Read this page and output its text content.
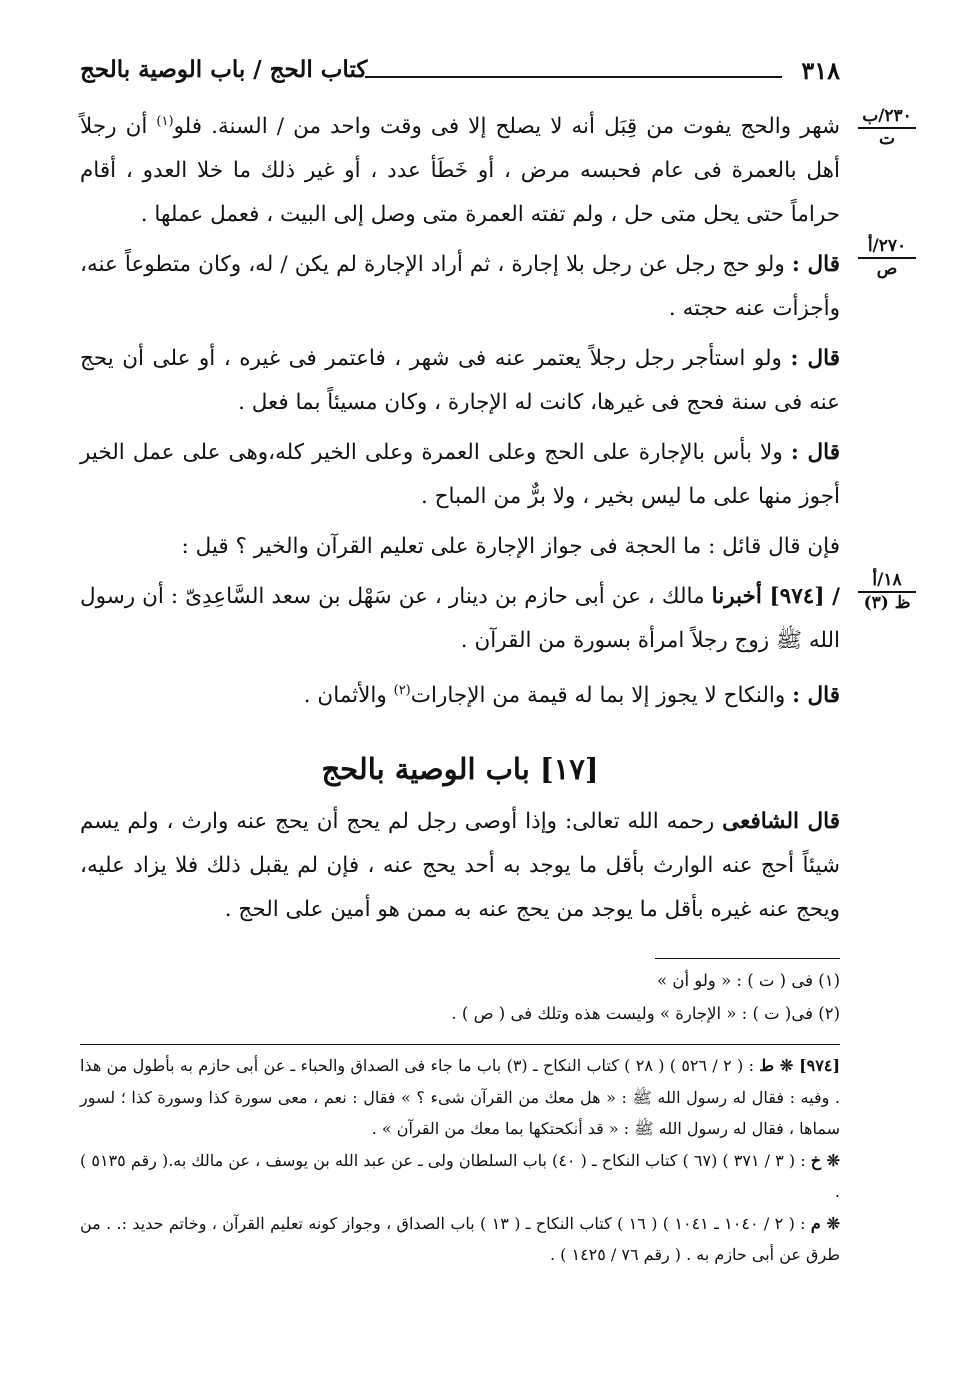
٣١٨
كتاب الحج / باب الوصية بالحج
٢٣٠/ب
ت
٢٧٠/أ
ص
١٨/أ
ظ (٣)

شهر والحج يفوت من قِبَل أنه لا يصلح إلا فى وقت واحد من / السنة. فلو$^{(١)}$ أن رجلاً أهل بالعمرة فى عام فحبسه مرض ، أو خَطَأ عدد ، أو غير ذلك ما خلا العدو ، أقام حراماً حتى يحل متى حل ، ولم تفته العمرة متى وصل إلى البيت ، فعمل عملها .

قال : ولو حج رجل عن رجل بلا إجارة ، ثم أراد الإجارة لم يكن / له، وكان متطوعاً عنه، وأجزأت عنه حجته .

قال : ولو استأجر رجل رجلاً يعتمر عنه فى شهر ، فاعتمر فى غيره ، أو على أن يحج عنه فى سنة فحج فى غيرها، كانت له الإجارة ، وكان مسيئاً بما فعل .

قال : ولا بأس بالإجارة على الحج وعلى العمرة وعلى الخير كله،وهى على عمل الخير أجوز منها على ما ليس بخير ، ولا برٌّ من المباح .

فإن قال قائل : ما الحجة فى جواز الإجارة على تعليم القرآن والخير ؟ قيل :

/ [٩٧٤] أخبرنا مالك ، عن أبى حازم بن دينار ، عن سَهْل بن سعد السَّاعِدِىّ : أن رسول الله ﷺ زوج رجلاً امرأة بسورة من القرآن .

قال : والنكاح لا يجوز إلا بما له قيمة من الإجارات$^{(٢)}$ والأثمان .

[١٧] باب الوصية بالحج

قال الشافعى رحمه الله تعالى: وإذا أوصى رجل لم يحج أن يحج عنه وارث ، ولم يسم شيئاً أحج عنه الوارث بأقل ما يوجد به أحد يحج عنه ، فإن لم يقبل ذلك فلا يزاد عليه، ويحج عنه غيره بأقل ما يوجد من يحج عنه به ممن هو أمين على الحج .

(١) فى ( ت ) : « ولو أن »
(٢) فى( ت ) : « الإجارة » وليست هذه وتلك فى ( ص ) .
[٩٧٤] ❊ ط : ( ٢ / ٥٢٦ ) ( ٢٨ ) كتاب النكاح ـ (٣) باب ما جاء فى الصداق والحباء ـ عن أبى حازم به بأطول من هذا . وفيه : فقال له رسول الله ﷺ : « هل معك من القرآن شىء ؟ » فقال : نعم ، معى سورة كذا وسورة كذا ؛ لسور سماها ، فقال له رسول الله ﷺ : « قد أنكحتكها بما معك من القرآن » .
❊ خ : ( ٣ / ٣٧١ ) (٦٧ ) كتاب النكاح ـ ( ٤٠) باب السلطان ولى ـ عن عبد الله بن يوسف ، عن مالك به.( رقم ٥١٣٥ ) .
❊ م : ( ٢ / ١٠٤٠ ـ ١٠٤١ ) ( ١٦ ) كتاب النكاح ـ ( ١٣ ) باب الصداق ، وجواز كونه تعليم القرآن ، وخاتم حديد :. . من طرق عن أبى حازم به . ( رقم ٧٦ / ١٤٢٥ ) .
